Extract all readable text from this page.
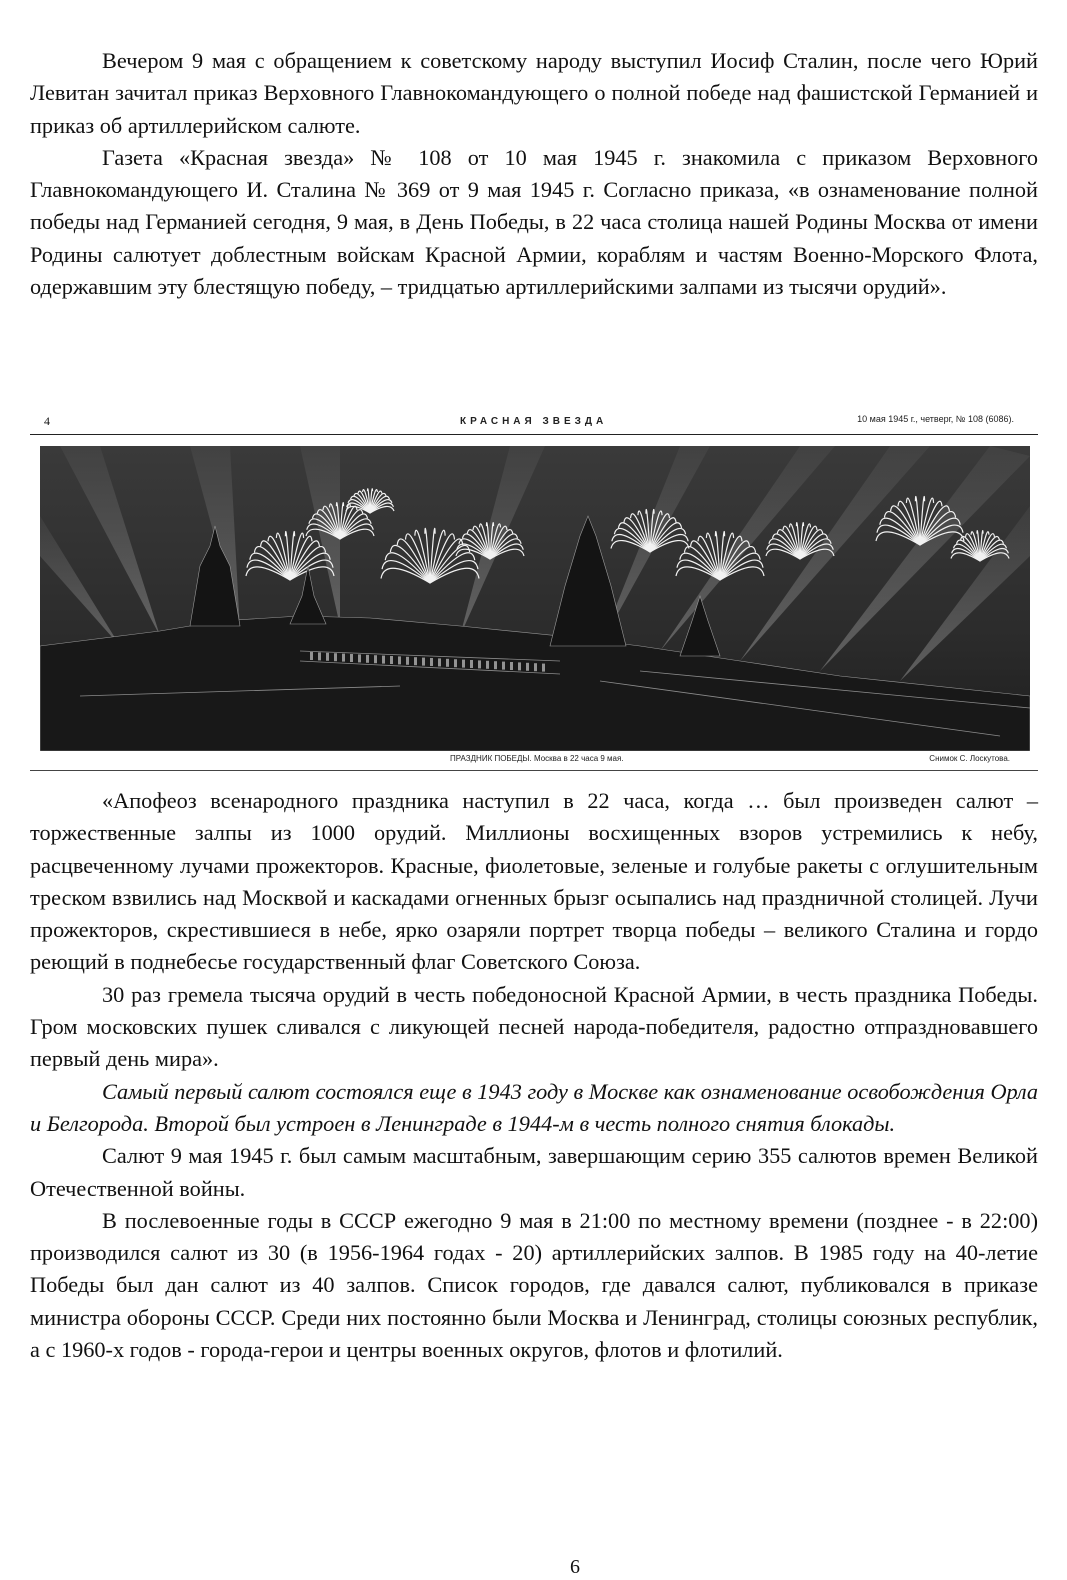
Вечером 9 мая с обращением к советскому народу выступил Иосиф Сталин, после чего Юрий Левитан зачитал приказ Верховного Главнокомандующего о полной победе над фашистской Германией и приказ об артиллерийском салюте.

Газета «Красная звезда» № 108 от 10 мая 1945 г. знакомила с приказом Верховного Главнокомандующего И. Сталина № 369 от 9 мая 1945 г. Согласно приказа, «в ознаменование полной победы над Германией сегодня, 9 мая, в День Победы, в 22 часа столица нашей Родины Москва от имени Родины салютует доблестным войскам Красной Армии, кораблям и частям Военно-Морского Флота, одержавшим эту блестящую победу, – тридцатью артиллерийскими залпами из тысячи орудий».

4	КРАСНАЯ ЗВЕЗДА	10 мая 1945 г., четверг, № 108 (6086).
ПРАЗДНИК ПОБЕДЫ. Москва в 22 часа 9 мая.	Снимок С. Лоскутова.

«Апофеоз всенародного праздника наступил в 22 часа, когда … был произведен салют – торжественные залпы из 1000 орудий. Миллионы восхищенных взоров устремились к небу, расцвеченному лучами прожекторов. Красные, фиолетовые, зеленые и голубые ракеты с оглушительным треском взвились над Москвой и каскадами огненных брызг осыпались над праздничной столицей. Лучи прожекторов, скрестившиеся в небе, ярко озаряли портрет творца победы – великого Сталина и гордо реющий в поднебесье государственный флаг Советского Союза.

30 раз гремела тысяча орудий в честь победоносной Красной Армии, в честь праздника Победы. Гром московских пушек сливался с ликующей песней народа-победителя, радостно отпраздновавшего первый день мира».

Самый первый салют состоялся еще в 1943 году в Москве как ознаменование освобождения Орла и Белгорода. Второй был устроен в Ленинграде в 1944-м в честь полного снятия блокады.

Салют 9 мая 1945 г. был самым масштабным, завершающим серию 355 салютов времен Великой Отечественной войны.

В послевоенные годы в СССР ежегодно 9 мая в 21:00 по местному времени (позднее - в 22:00) производился салют из 30 (в 1956-1964 годах - 20) артиллерийских залпов. В 1985 году на 40-летие Победы был дан салют из 40 залпов. Список городов, где давался салют, публиковался в приказе министра обороны СССР. Среди них постоянно были Москва и Ленинград, столицы союзных республик, а с 1960-х годов - города-герои и центры военных округов, флотов и флотилий.

6
